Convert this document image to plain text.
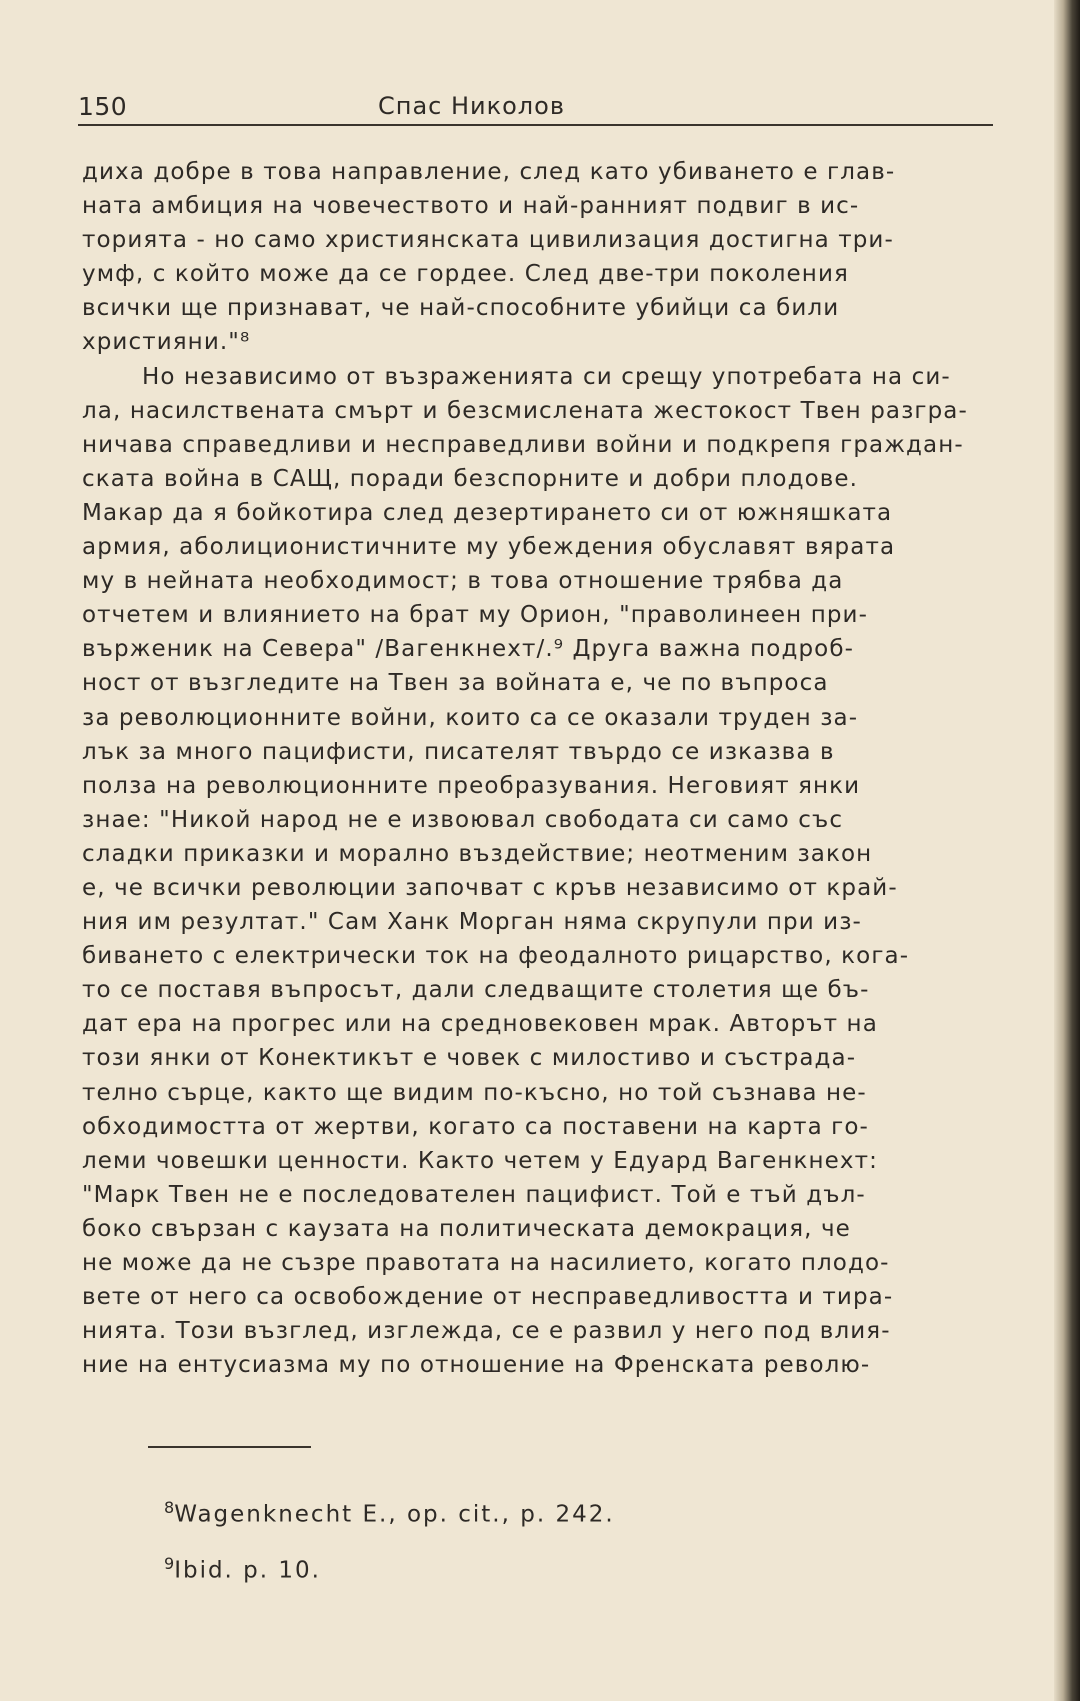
150	Спас Николов
диха добре в това направление, след като убиването е глав-
ната амбиция на човечеството и най-ранният подвиг в ис-
торията - но само християнската цивилизация достигна три-
умф, с който може да се гордее. След две-три поколения
всички ще признават, че най-способните убийци са били
християни."⁸
Но независимо от възраженията си срещу употребата на си-
ла, насилствената смърт и безсмислената жестокост Твен разгра-
ничава справедливи и несправедливи войни и подкрепя граждан-
ската война в САЩ, поради безспорните и добри плодове.
Макар да я бойкотира след дезертирането си от южняшката
армия, аболиционистичните му убеждения обуславят вярата
му в нейната необходимост; в това отношение трябва да
отчетем и влиянието на брат му Орион, "праволинеен при-
върженик на Севера" /Вагенкнехт/.⁹ Друга важна подроб-
ност от възгледите на Твен за войната е, че по въпроса
за революционните войни, които са се оказали труден за-
лък за много пацифисти, писателят твърдо се изказва в
полза на революционните преобразувания. Неговият янки
знае: "Никой народ не е извоювал свободата си само със
сладки приказки и морално въздействие; неотменим закон
е, че всички революции започват с кръв независимо от край-
ния им резултат." Сам Ханк Морган няма скрупули при из-
биването с електрически ток на феодалното рицарство, кога-
то се поставя въпросът, дали следващите столетия ще бъ-
дат ера на прогрес или на средновековен мрак. Авторът на
този янки от Конектикът е човек с милостиво и състрада-
телно сърце, както ще видим по-късно, но той съзнава не-
обходимостта от жертви, когато са поставени на карта го-
леми човешки ценности. Както четем у Едуард Вагенкнехт:
"Марк Твен не е последователен пацифист. Той е тъй дъл-
боко свързан с каузата на политическата демокрация, че
не може да не съзре правотата на насилието, когато плодо-
вете от него са освобождение от несправедливостта и тира-
нията. Този възглед, изглежда, се е развил у него под влия-
ние на ентусиазма му по отношение на Френската револю-
$^8$Wagenknecht E., op. cit., p. 242.
$^9$Ibid. p. 10.
